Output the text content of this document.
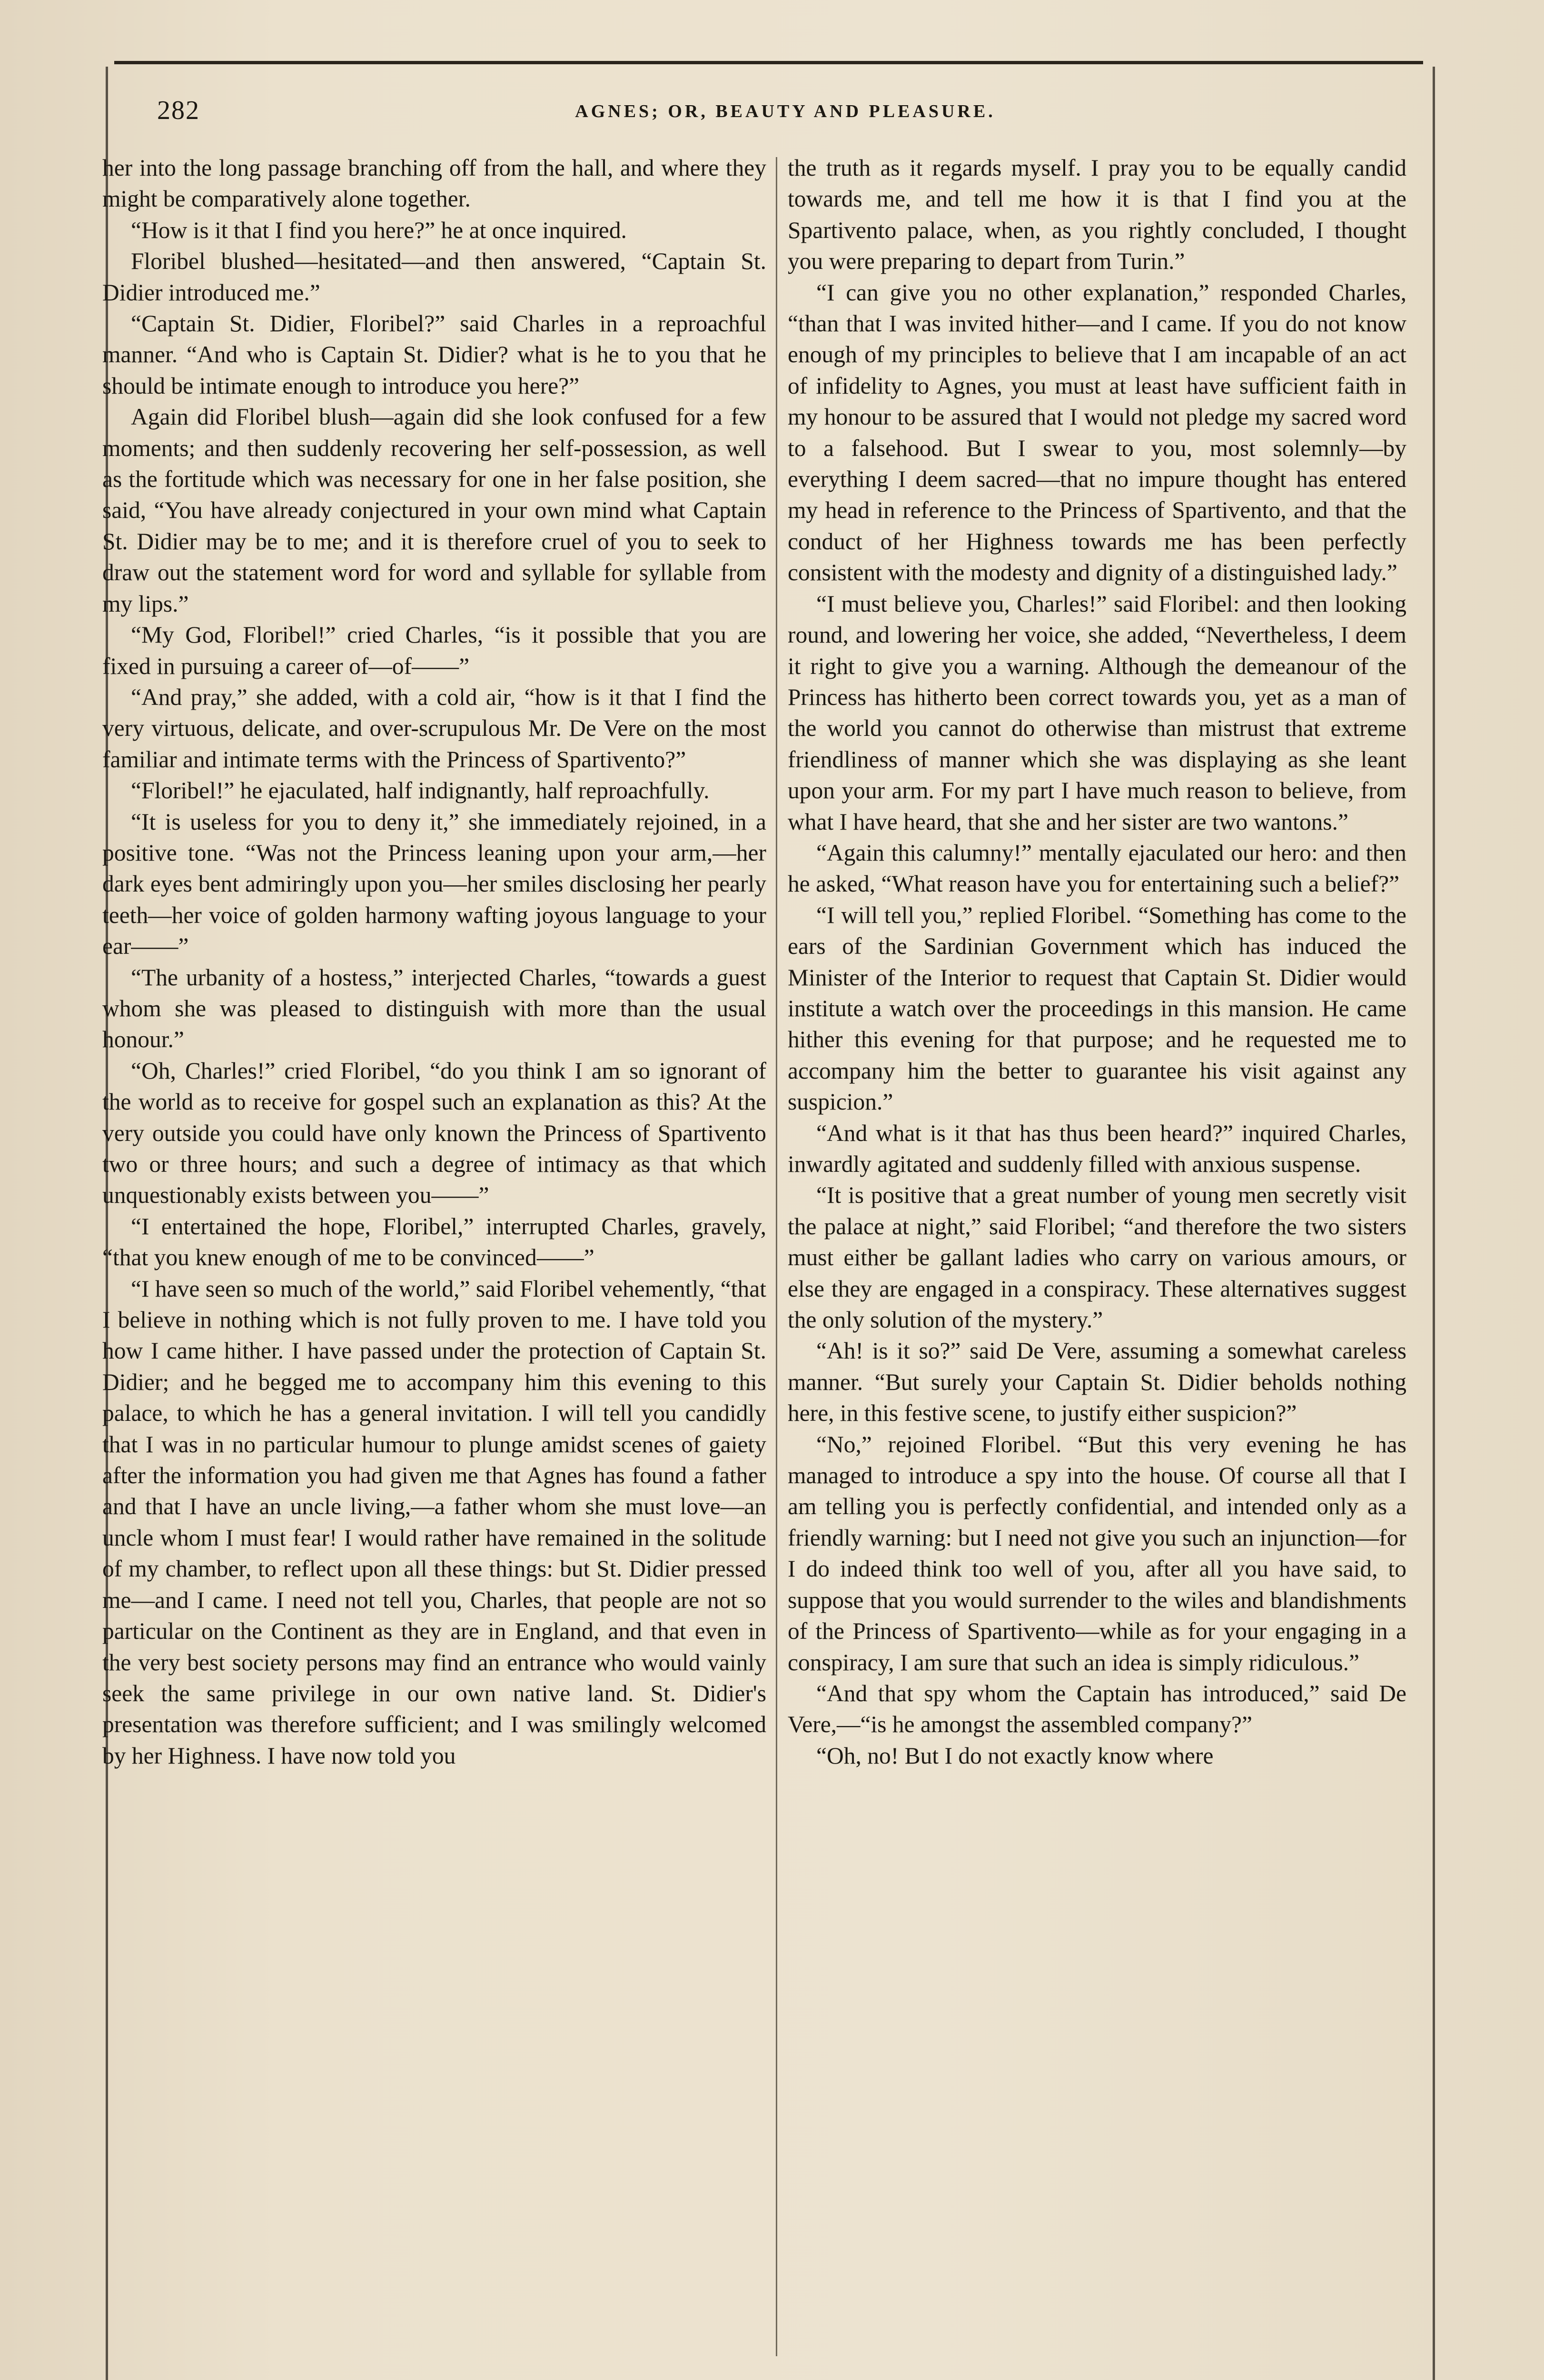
282	AGNES; OR, BEAUTY AND PLEASURE.

her into the long passage branching off from the hall, and where they might be comparatively alone together.

“How is it that I find you here?” he at once inquired.

Floribel blushed—hesitated—and then answered, “Captain St. Didier introduced me.”

“Captain St. Didier, Floribel?” said Charles in a reproachful manner. “And who is Captain St. Didier? what is he to you that he should be intimate enough to introduce you here?”

Again did Floribel blush—again did she look confused for a few moments; and then suddenly recovering her self-possession, as well as the fortitude which was necessary for one in her false position, she said, “You have already conjectured in your own mind what Captain St. Didier may be to me; and it is therefore cruel of you to seek to draw out the statement word for word and syllable for syllable from my lips.”

“My God, Floribel!” cried Charles, “is it possible that you are fixed in pursuing a career of—of——”

“And pray,” she added, with a cold air, “how is it that I find the very virtuous, delicate, and over-scrupulous Mr. De Vere on the most familiar and intimate terms with the Princess of Spartivento?”

“Floribel!” he ejaculated, half indignantly, half reproachfully.

“It is useless for you to deny it,” she immediately rejoined, in a positive tone. “Was not the Princess leaning upon your arm,—her dark eyes bent admiringly upon you—her smiles disclosing her pearly teeth—her voice of golden harmony wafting joyous language to your ear——”

“The urbanity of a hostess,” interjected Charles, “towards a guest whom she was pleased to distinguish with more than the usual honour.”

“Oh, Charles!” cried Floribel, “do you think I am so ignorant of the world as to receive for gospel such an explanation as this? At the very outside you could have only known the Princess of Spartivento two or three hours; and such a degree of intimacy as that which unquestionably exists between you——”

“I entertained the hope, Floribel,” interrupted Charles, gravely, “that you knew enough of me to be convinced——”

“I have seen so much of the world,” said Floribel vehemently, “that I believe in nothing which is not fully proven to me. I have told you how I came hither. I have passed under the protection of Captain St. Didier; and he begged me to accompany him this evening to this palace, to which he has a general invitation. I will tell you candidly that I was in no particular humour to plunge amidst scenes of gaiety after the information you had given me that Agnes has found a father and that I have an uncle living,—a father whom she must love—an uncle whom I must fear! I would rather have remained in the solitude of my chamber, to reflect upon all these things: but St. Didier pressed me—and I came. I need not tell you, Charles, that people are not so particular on the Continent as they are in England, and that even in the very best society persons may find an entrance who would vainly seek the same privilege in our own native land. St. Didier's presentation was therefore sufficient; and I was smilingly welcomed by her Highness. I have now told you

the truth as it regards myself. I pray you to be equally candid towards me, and tell me how it is that I find you at the Spartivento palace, when, as you rightly concluded, I thought you were preparing to depart from Turin.”

“I can give you no other explanation,” responded Charles, “than that I was invited hither—and I came. If you do not know enough of my principles to believe that I am incapable of an act of infidelity to Agnes, you must at least have sufficient faith in my honour to be assured that I would not pledge my sacred word to a falsehood. But I swear to you, most solemnly—by everything I deem sacred—that no impure thought has entered my head in reference to the Princess of Spartivento, and that the conduct of her Highness towards me has been perfectly consistent with the modesty and dignity of a distinguished lady.”

“I must believe you, Charles!” said Floribel: and then looking round, and lowering her voice, she added, “Nevertheless, I deem it right to give you a warning. Although the demeanour of the Princess has hitherto been correct towards you, yet as a man of the world you cannot do otherwise than mistrust that extreme friendliness of manner which she was displaying as she leant upon your arm. For my part I have much reason to believe, from what I have heard, that she and her sister are two wantons.”

“Again this calumny!” mentally ejaculated our hero: and then he asked, “What reason have you for entertaining such a belief?”

“I will tell you,” replied Floribel. “Something has come to the ears of the Sardinian Government which has induced the Minister of the Interior to request that Captain St. Didier would institute a watch over the proceedings in this mansion. He came hither this evening for that purpose; and he requested me to accompany him the better to guarantee his visit against any suspicion.”

“And what is it that has thus been heard?” inquired Charles, inwardly agitated and suddenly filled with anxious suspense.

“It is positive that a great number of young men secretly visit the palace at night,” said Floribel; “and therefore the two sisters must either be gallant ladies who carry on various amours, or else they are engaged in a conspiracy. These alternatives suggest the only solution of the mystery.”

“Ah! is it so?” said De Vere, assuming a somewhat careless manner. “But surely your Captain St. Didier beholds nothing here, in this festive scene, to justify either suspicion?”

“No,” rejoined Floribel. “But this very evening he has managed to introduce a spy into the house. Of course all that I am telling you is perfectly confidential, and intended only as a friendly warning: but I need not give you such an injunction—for I do indeed think too well of you, after all you have said, to suppose that you would surrender to the wiles and blandishments of the Princess of Spartivento—while as for your engaging in a conspiracy, I am sure that such an idea is simply ridiculous.”

“And that spy whom the Captain has introduced,” said De Vere,—“is he amongst the assembled company?”

“Oh, no! But I do not exactly know where
